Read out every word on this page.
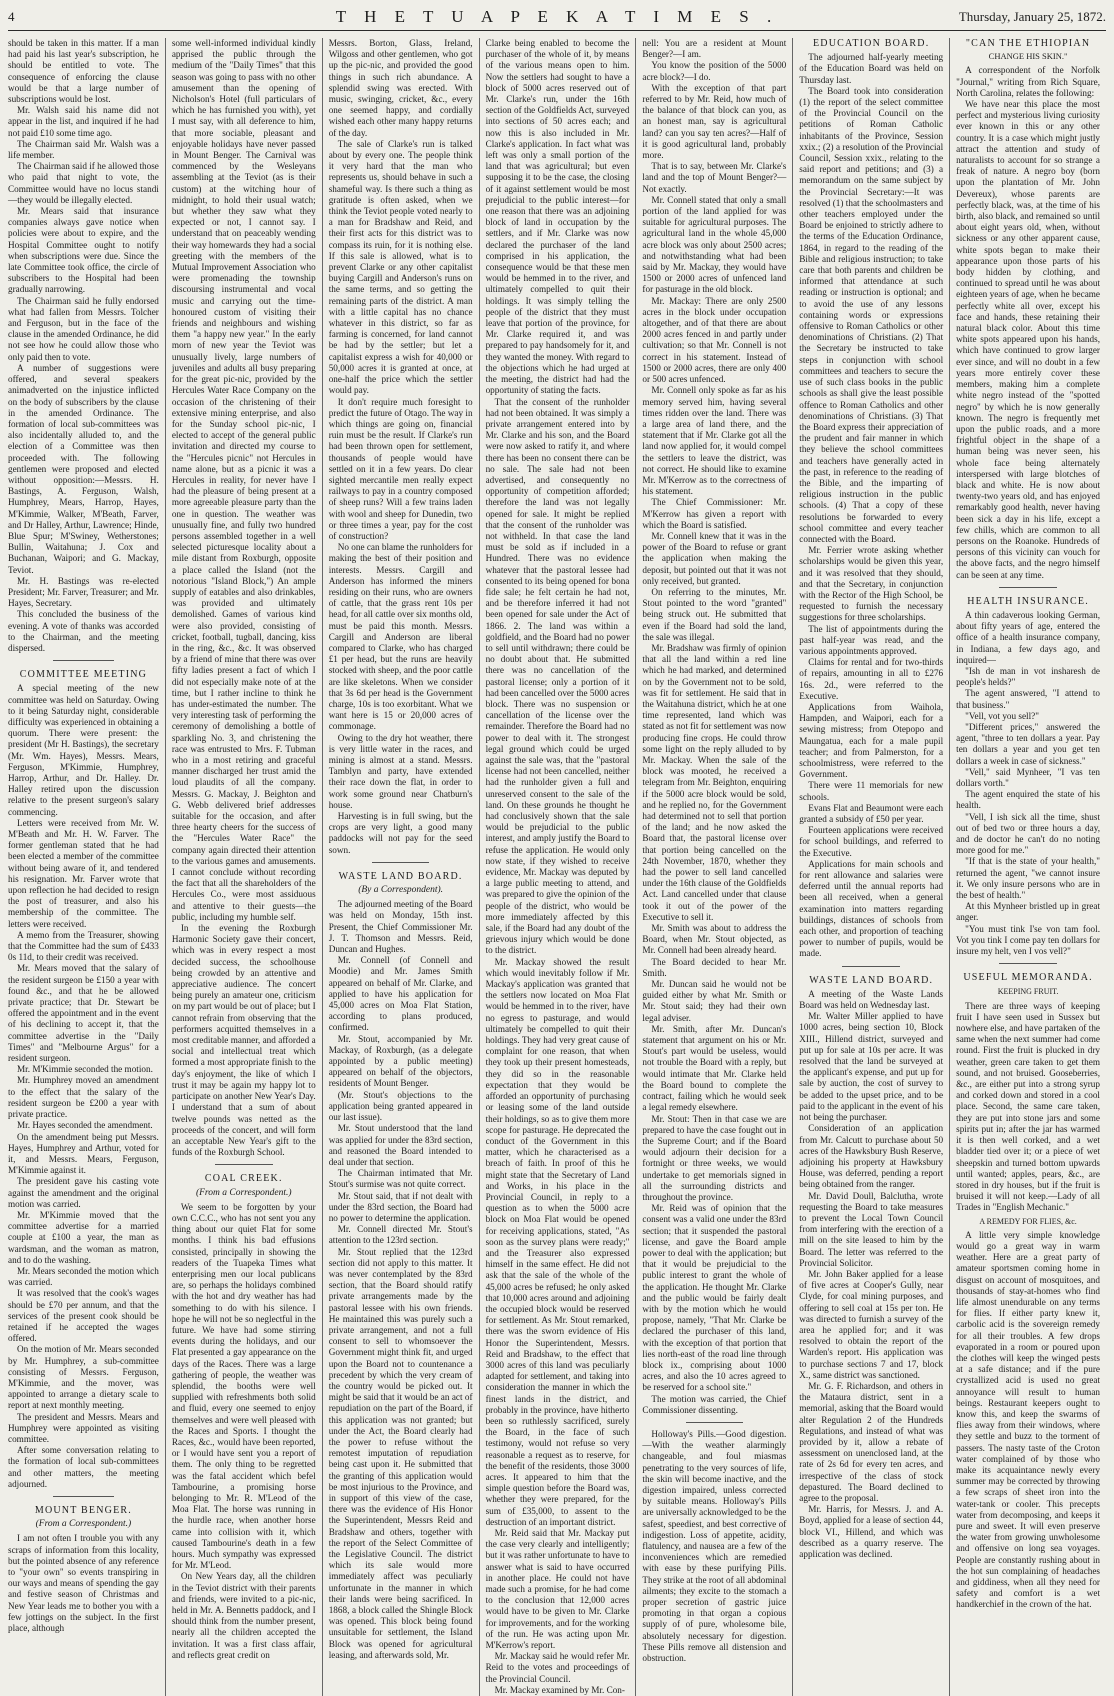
4	T H E T U A P E K A T I M E S .	Thursday, January 25, 1872.

should be taken in this matter. If a man had paid his last year's subscription, he should be entitled to vote. The consequence of enforcing the clause would be that a large number of subscriptions would be lost.

Mr. Walsh said his name did not appear in the list, and inquired if he had not paid £10 some time ago.

The Chairman said Mr. Walsh was a life member.

The Chairman said if he allowed those who paid that night to vote, the Committee would have no locus standi —they would be illegally elected.

Mr. Mears said that insurance companies always gave notice when policies were about to expire, and the Hospital Committee ought to notify when subscriptions were due. Since the late Committee took office, the circle of subscribers to the Hospital had been gradually narrowing.

The Chairman said he fully endorsed what had fallen from Messrs. Tolcher and Ferguson, but in the face of the clause in the amended Ordinance, he did not see how he could allow those who only paid then to vote.

A number of suggestions were offered, and several speakers animadverted on the injustice inflicted on the body of subscribers by the clause in the amended Ordinance. The formation of local sub-committees was also incidentally alluded to, and the election of a Committee was then proceeded with. The following gentlemen were proposed and elected without opposition:—Messrs. H. Bastings, A. Ferguson, Walsh, Humphrey, Mears, Harrop, Hayes, M'Kimmie, Walker, M'Beath, Farver, and Dr Halley, Arthur, Lawrence; Hinde, Blue Spur; M'Swiney, Wetherstones; Bullin, Waitahuna; J. Cox and Buchanan, Waipori; and G. Mackay, Teviot.

Mr. H. Bastings was re-elected President; Mr. Farver, Treasurer; and Mr. Hayes, Secretary.

This concluded the business of the evening. A vote of thanks was accorded to the Chairman, and the meeting dispersed.

COMMITTEE MEETING

A special meeting of the new committee was held on Saturday. Owing to it being Saturday night, considerable difficulty was experienced in obtaining a quorum. There were present: the president (Mr H. Bastings), the secretary (Mr. Wm. Hayes), Messrs. Mears, Ferguson, M'Kimmie, Humphrey, Harrop, Arthur, and Dr. Halley. Dr. Halley retired upon the discussion relative to the present surgeon's salary commencing.

Letters were received from Mr. W. M'Beath and Mr. H. W. Farver. The former gentleman stated that he had been elected a member of the committee without being aware of it, and tendered his resignation. Mr. Farver wrote that upon reflection he had decided to resign the post of treasurer, and also his membership of the committee. The letters were received.

A memo from the Treasurer, showing that the Committee had the sum of £433 0s 11d, to their credit was received.

Mr. Mears moved that the salary of the resident surgeon be £150 a year with found &c., and that he be allowed private practice; that Dr. Stewart be offered the appointment and in the event of his declining to accept it, that the committee advertise in the "Daily Times" and "Melbourne Argus" for a resident surgeon.

Mr. M'Kimmie seconded the motion.

Mr. Humphrey moved an amendment to the effect that the salary of the resident surgeon be £200 a year with private practice.

Mr. Hayes seconded the amendment.

On the amendment being put Messrs. Hayes, Humphrey and Arthur, voted for it, and Messrs. Mears, Ferguson, M'Kimmie against it.

The president gave his casting vote against the amendment and the original motion was carried.

Mr. M'Kimmie moved that the committee advertise for a married couple at £100 a year, the man as wardsman, and the woman as matron, and to do the washing.

Mr. Mears seconded the motion which was carried.

It was resolved that the cook's wages should be £70 per annum, and that the services of the present cook should be retained if he accepted the wages offered.

On the motion of Mr. Mears seconded by Mr. Humphrey, a sub-committee consisting of Messrs. Ferguson, M'Kimmie, and the mover, was appointed to arrange a dietary scale to report at next monthly meeting.

The president and Messrs. Mears and Humphrey were appointed as visiting committee.

After some conversation relating to the formation of local sub-committees and other matters, the meeting adjourned.

MOUNT BENGER.
(From a Correspondent.)

I am not often I trouble you with any scraps of information from this locality, but the pointed absence of any reference to "your own" so events transpiring in our ways and means of spending the gay and festive season of Christmas and New Year leads me to bother you with a few jottings on the subject. In the first place, although

some well-informed individual kindly apprised the public through the medium of the "Daily Times" that this season was going to pass with no other amusement than the opening of Nicholson's Hotel (full particulars of which he has furnished you with), yet I must say, with all deference to him, that more sociable, pleasant and enjoyable holidays have never passed in Mount Benger. The Carnival was commenced by the Wesleyans assembling at the Teviot (as is their custom) at the witching hour of midnight, to hold their usual watch; but whether they saw what they expected or not, I cannot say. I understand that on peaceably wending their way homewards they had a social greeting with the members of the Mutual Improvement Association who were promenading the township discoursing instrumental and vocal music and carrying out the time-honoured custom of visiting their friends and neighbours and wishing them "a happy new year." In the early morn of new year the Teviot was unusually lively, large numbers of juveniles and adults all busy preparing for the great pic-nic, provided by the Hercules Water Race Company on the occasion of the christening of their extensive mining enterprise, and also for the Sunday school pic-nic, I elected to accept of the general public invitation and directed my course to the "Hercules picnic" not Hercules in name alone, but as a picnic it was a Hercules in reality, for never have I had the pleasure of being present at a more agreeable pleasure party than the one in question. The weather was unusually fine, and fully two hundred persons assembled together in a well selected picturesque locality about a mile distant from Roxburgh, opposite a place called the Island (not the notorious "Island Block,") An ample supply of eatables and also drinkables, was provided and ultimately demolished. Games of various kind were also provided, consisting of cricket, football, tugball, dancing, kiss in the ring, &c., &c. It was observed by a friend of mine that there was over fifty ladies present a fact of which I did not especially make note of at the time, but I rather incline to think he has under-estimated the number. The very interesting task of performing the ceremony of demolishing a bottle of sparkling No. 3, and christening the race was entrusted to Mrs. F. Tubman who in a most retiring and graceful manner discharged her trust amid the loud plaudits of all the company. Messrs. G. Mackay, J. Beighton and G. Webb delivered brief addresses suitable for the occasion, and after three hearty cheers for the success of the "Hercules Water Race" the company again directed their attention to the various games and amusements. I cannot conclude without recording the fact that all the shareholders of the Hercules Co., were most assiduous and attentive to their guests—the public, including my humble self.

In the evening the Roxburgh Harmonic Society gave their concert, which was in every respect a most decided success, the schoolhouse being crowded by an attentive and appreciative audience. The concert being purely an amateur one, criticism on my part would be out of place; but I cannot refrain from observing that the performers acquitted themselves in a most creditable manner, and afforded a social and intellectual treat which formed a most appropriate finish to the day's enjoyment, the like of which I trust it may be again my happy lot to participate on another New Year's Day. I understand that a sum of about twelve pounds was netted as the proceeds of the concert, and will form an acceptable New Year's gift to the funds of the Roxburgh School.

COAL CREEK.
(From a Correspondent.)

We seem to be forgotten by your own C.C.C., who has not sent you any thing about our quiet Flat for some months. I think his bad effusions consisted, principally in showing the readers of the Tuapeka Times what enterprising men our local publicans are, so perhaps the holidays combined with the hot and dry weather has had something to do with his silence. I hope he will not be so neglectful in the future. We have had some stirring events during the holidays, and our Flat presented a gay appearance on the days of the Races. There was a large gathering of people, the weather was splendid, the booths were well supplied with refreshments both solid and fluid, every one seemed to enjoy themselves and were well pleased with the Races and Sports. I thought the Races, &c., would have been reported, or I would have sent you a report of them. The only thing to be regretted was the fatal accident which befel Tambourine, a promising horse belonging to Mr. R. M'Leod of the Moa Flat. The horse was running in the hurdle race, when another horse came into collision with it, which caused Tambourine's death in a few hours. Much sympathy was expressed for Mr. M'Leod.

On New Years day, all the children in the Teviot district with their parents and friends, were invited to a pic-nic, held in Mr. A. Bennetts paddock, and I should think from the number present, nearly all the children accepted the invitation. It was a first class affair, and reflects great credit on

Messrs. Borton, Glass, Ireland, Wilgoss and other gentlemen, who got up the pic-nic, and provided the good things in such rich abundance. A splendid swing was erected. With music, swinging, cricket, &c., every one seemed happy, and cordially wished each other many happy returns of the day.

The sale of Clarke's run is talked about by every one. The people think it very hard that the man who represents us, should behave in such a shameful way. Is there such a thing as gratitude is often asked, when we think the Teviot people voted nearly to a man for Bradshaw and Reid, and their first acts for this district was to compass its ruin, for it is nothing else. If this sale is allowed, what is to prevent Clarke or any other capitalist buying Cargill and Anderson's runs on the same terms, and so getting the remaining parts of the district. A man with a little capital has no chance whatever in this district, so far as farming is concerned, for land cannot be had by the settler; but let a capitalist express a wish for 40,000 or 50,000 acres it is granted at once, at one-half the price which the settler would pay.

It don't require much foresight to predict the future of Otago. The way in which things are going on, financial ruin must be the result. If Clarke's run had been thrown open for settlement, thousands of people would have settled on it in a few years. Do clear sighted mercantile men really expect railways to pay in a country composed of sheep runs? Will a few trains laden with wool and sheep for Dunedin, two or three times a year, pay for the cost of construction?

No one can blame the runholders for making the best of their position and interests. Messrs. Cargill and Anderson has informed the miners residing on their runs, who are owners of cattle, that the grass rent 10s per head, for all cattle over six months old, must be paid this month. Messrs. Cargill and Anderson are liberal compared to Clarke, who has charged £1 per head, but the runs are heavily stocked with sheep, and the poor cattle are like skeletons. When we consider that 3s 6d per head is the Government charge, 10s is too exorbitant. What we want here is 15 or 20,000 acres of commonage.

Owing to the dry hot weather, there is very little water in the races, and mining is almost at a stand. Messrs. Tamblyn and party, have extended their race down the flat, in order to work some ground near Chatburn's house.

Harvesting is in full swing, but the crops are very light, a good many paddocks will not pay for the seed sown.

WASTE LAND BOARD.
(By a Correspondent).

The adjourned meeting of the Board was held on Monday, 15th inst. Present, the Chief Commissioner Mr. J. T. Thomson and Messrs. Reid, Duncan and Hughes.

Mr. Connell (of Connell and Moodie) and Mr. James Smith appeared on behalf of Mr. Clarke, and applied to have his application for 45,000 acres on Moa Flat Station, according to plans produced, confirmed.

Mr. Stout, accompanied by Mr. Mackay, of Roxburgh, (as a delegate appointed by a public meeting) appeared on behalf of the objectors, residents of Mount Benger.

(Mr. Stout's objections to the application being granted appeared in our last issue).

Mr. Stout understood that the land was applied for under the 83rd section, and reasoned the Board intended to deal under that section.

The Chairman intimated that Mr. Stout's surmise was not quite correct.

Mr. Stout said, that if not dealt with under the 83rd section, the Board had no power to determine the application.

Mr. Connell directed Mr. Stout's attention to the 123rd section.

Mr. Stout replied that the 123rd section did not apply to this matter. It was never contemplated by the 83rd section, that the Board should ratify private arrangements made by the pastoral lessee with his own friends. He maintained this was purely such a private arrangement, and not a full consent to sell to whomsoever the Government might think fit, and urged upon the Board not to countenance a precedent by which the very cream of the country would be picked out. It might be said that it would be an act of repudiation on the part of the Board, if this application was not granted; but under the Act, the Board clearly had the power to refuse without the remotest imputation of repudiation being cast upon it. He submitted that the granting of this application would be most injurious to the Province, and in support of this view of the case, there was the evidence of His Honor the Superintendent, Messrs Reid and Bradshaw and others, together with the report of the Select Committee of the Legislative Council. The district which its sale would more immediately affect was peculiarly unfortunate in the manner in which their lands were being sacrificed. In 1868, a block called the Shingle Block was opened. This block being found unsuitable for settlement, the Island Block was opened for agricultural leasing, and afterwards sold, Mr.

Clarke being enabled to become the purchaser of the whole of it, by means of the various means open to him. Now the settlers had sought to have a block of 5000 acres reserved out of Mr. Clarke's run, under the 16th section of the Goldfields Act, surveyed into sections of 50 acres each; and now this is also included in Mr. Clarke's application. In fact what was left was only a small portion of the land that was agricultural; but even supposing it to be the case, the closing of it against settlement would be most prejudicial to the public interest—for one reason that there was an adjoining block of land in occupation by the settlers, and if Mr. Clarke was now declared the purchaser of the land comprised in his application, the consequence would be that these men would be hemmed in to the river, and ultimately compelled to quit their holdings. It was simply telling the people of the district that they must leave that portion of the province, for Mr. Clarke required it, and was prepared to pay handsomely for it, and they wanted the money. With regard to the objections which he had urged at the meeting, the district had had the opportunity of stating the facts.

That the consent of the runholder had not been obtained. It was simply a private arrangement entered into by Mr. Clarke and his son, and the Board were now asked to ratify it, and where there has been no consent there can be no sale. The sale had not been advertised, and consequently no opportunity of competition afforded; therefore the land was not legally opened for sale. It might be replied that the consent of the runholder was not withheld. In that case the land must be sold as if included in a Hundred. There was no evidence whatever that the pastoral lessee had consented to its being opened for bona fide sale; he felt certain he had not, and be therefore inferred it had not been opened for sale under the Act of 1866. 2. The land was within a goldfield, and the Board had no power to sell until withdrawn; there could be no doubt about that. He submitted there was no cancellation of the pastoral license; only a portion of it had been cancelled over the 5000 acres block. There was no suspension or cancellation of the license over the remainder. Therefore the Board had no power to deal with it. The strongest legal ground which could be urged against the sale was, that the "pastoral license had not been cancelled, neither had the runholder given a full and unreserved consent to the sale of the land. On these grounds he thought he had conclusively shown that the sale would be prejudicial to the public interest, and amply justify the Board to refuse the application. He would only now state, if they wished to receive evidence, Mr. Mackay was deputed by a large public meeting to attend, and was prepared to give the opinion of the people of the district, who would be more immediately affected by this sale, if the Board had any doubt of the grievous injury which would be done to the district.

Mr. Mackay showed the result which would inevitably follow if Mr. Mackay's application was granted that the settlers now located on Moa Flat would be hemmed in to the river, have no egress to pasturage, and would ultimately be compelled to quit their holdings. They had very great cause of complaint for one reason, that when they took up their present homesteads, they did so in the reasonable expectation that they would be afforded an opportunity of purchasing or leasing some of the land outside their holdings, so as to give them more scope for pasturage. He deprecated the conduct of the Government in this matter, which he characterised as a breach of faith. In proof of this he might state that the Secretary of Land and Works, in his place in the Provincial Council, in reply to a question as to when the 5000 acre block on Moa Flat would be opened for receiving applications, stated, "As soon as the survey plans were ready;" and the Treasurer also expressed himself in the same effect. He did not ask that the sale of the whole of the 45,000 acres be refused; he only asked that 10,000 acres around and adjoining the occupied block would be reserved for settlement. As Mr. Stout remarked, there was the sworn evidence of His Honor the Superintendent, Messrs. Reid and Bradshaw, to the effect that 3000 acres of this land was peculiarly adapted for settlement, and taking into consideration the manner in which the finest lands in the district, and probably in the province, have hitherto been so ruthlessly sacrificed, surely the Board, in the face of such testimony, would not refuse so very reasonable a request as to reserve, for the benefit of the residents, those 3000 acres. It appeared to him that the simple question before the Board was, whether they were prepared, for the sum of £35,000, to assent to the destruction of an important district.

Mr. Reid said that Mr. Mackay put the case very clearly and intelligently; but it was rather unfortunate to have to answer what is said to have occurred in another place. He could not have made such a promise, for he had come to the conclusion that 12,000 acres would have to be given to Mr. Clarke for improvements, and for the working of the run. He was acting upon Mr. M'Kerrow's report.

Mr. Mackay said he would refer Mr. Reid to the votes and proceedings of the Provincial Council.

Mr. Mackay examined by Mr. Con-

nell: You are a resident at Mount Benger?—I am.

You know the position of the 5000 acre block?—I do.

With the exception of that part referred to by Mr. Reid, how much of the balance of that block can you, as an honest man, say is agricultural land? can you say ten acres?—Half of it is good agricultural land, probably more.

That is to say, between Mr. Clarke's land and the top of Mount Benger?—Not exactly.

Mr. Connell stated that only a small portion of the land applied for was suitable for agricultural purposes. The agricultural land in the whole 45,000 acre block was only about 2500 acres; and notwithstanding what had been said by Mr. Mackay, they would have 1500 or 2000 acres of unfenced land for pasturage in the old block.

Mr. Mackay: There are only 2500 acres in the block under occupation altogether, and of that there are about 2000 acres fenced in and partly under cultivation; so that Mr. Connell is not correct in his statement. Instead of 1500 or 2000 acres, there are only 400 or 500 acres unfenced.

Mr. Connell only spoke as far as his memory served him, having several times ridden over the land. There was a large area of land there, and the statement that if Mr. Clarke got all the land now applied for, it would compel the settlers to leave the district, was not correct. He should like to examine Mr. M'Kerrow as to the correctness of his statement.

The Chief Commissioner: Mr. M'Kerrow has given a report with which the Board is satisfied.

Mr. Connell knew that it was in the power of the Board to refuse or grant the application when making the deposit, but pointed out that it was not only received, but granted.

On referring to the minutes, Mr. Stout pointed to the word "granted" being struck out. He submitted that even if the Board had sold the land, the sale was illegal.

Mr. Bradshaw was firmly of opinion that all the land within a red line which he had marked, and determined on by the Government not to be sold, was fit for settlement. He said that in the Waitahuna district, which he at one time represented, land which was stated as not fit for settlement was now producing fine crops. He could throw some light on the reply alluded to by Mr. Mackay. When the sale of the block was mooted, he received a telegram from Mr. Beighton, enquiring if the 5000 acre block would be sold, and he replied no, for the Government had determined not to sell that portion of the land; and he now asked the Board that, the pastoral license over that portion being cancelled on the 24th November, 1870, whether they had the power to sell land cancelled under the 16th clause of the Goldfields Act. Land cancelled under that clause took it out of the power of the Executive to sell it.

Mr. Smith was about to address the Board, when Mr. Stout objected, as Mr. Connell had been already heard.

The Board decided to hear Mr. Smith.

Mr. Duncan said he would not be guided either by what Mr. Smith or Mr. Stout said; they had their own legal adviser.

Mr. Smith, after Mr. Duncan's statement that argument on his or Mr. Stout's part would be useless, would not trouble the Board with a reply, but would intimate that Mr. Clarke held the Board bound to complete the contract, failing which he would seek a legal remedy elsewhere.

Mr. Stout: Then in that case we are prepared to have the case fought out in the Supreme Court; and if the Board would adjourn their decision for a fortnight or three weeks, we would undertake to get memorials signed in all the surrounding districts and throughout the province.

Mr. Reid was of opinion that the consent was a valid one under the 83rd section; that it suspended the pastoral license, and gave the Board ample power to deal with the application; but that it would be prejudicial to the public interest to grant the whole of the application. He thought Mr. Clarke and the public would be fairly dealt with by the motion which he would propose, namely, "That Mr. Clarke be declared the purchaser of this land, with the exception of that portion that lies north-east of the road line through block ix., comprising about 1000 acres, and also the 10 acres agreed to be reserved for a school site."

The motion was carried, the Chief Commissioner dissenting.

Holloway's Pills.—Good digestion.—With the weather alarmingly changeable, and foul miasmas penetrating to the very sources of life, the skin will become inactive, and the digestion impaired, unless corrected by suitable means. Holloway's Pills are universally acknowledged to be the safest, speediest, and best corrective of indigestion. Loss of appetite, acidity, flatulency, and nausea are a few of the inconveniences which are remedied with ease by these purifying Pills. They strike at the root of all abdominal ailments; they excite to the stomach a proper secretion of gastric juice promoting in that organ a copious supply of of pure, wholesome bile, absolutely necessary for digestion. These Pills remove all distension and obstruction.

EDUCATION BOARD.

The adjourned half-yearly meeting of the Education Board was held on Thursday last.

The Board took into consideration (1) the report of the select committee of the Provincial Council on the petitions of Roman Catholic inhabitants of the Province, Session xxix.; (2) a resolution of the Provincial Council, Session xxix., relating to the said report and petitions; and (3) a memorandum on the same subject by the Provincial Secretary:—It was resolved (1) that the schoolmasters and other teachers employed under the Board be enjoined to strictly adhere to the terms of the Education Ordinance, 1864, in regard to the reading of the Bible and religious instruction; to take care that both parents and children be informed that attendance at such reading or instruction is optional; and to avoid the use of any lessons containing words or expressions offensive to Roman Catholics or other denominations of Christians. (2) That the Secretary be instructed to take steps in conjunction with school committees and teachers to secure the use of such class books in the public schools as shall give the least possible offence to Roman Catholics and other denominations of Christians. (3) That the Board express their appreciation of the prudent and fair manner in which they believe the school committees and teachers have generally acted in the past, in reference to the reading of the Bible, and the imparting of religious instruction in the public schools. (4) That a copy of these resolutions be forwarded to every school committee and every teacher connected with the Board.

Mr. Ferrier wrote asking whether scholarships would be given this year, and it was resolved that they should, and that the Secretary, in conjunction with the Rector of the High School, be requested to furnish the necessary suggestions for three scholarships.

The list of appointments during the past half-year was read, and the various appointments approved.

Claims for rental and for two-thirds of repairs, amounting in all to £276 16s. 2d., were referred to the Executive.

Applications from Waihola, Hampden, and Waipori, each for a sewing mistress; from Otepopo and Maungatua, each for a male pupil teacher; and from Palmerston, for a schoolmistress, were referred to the Government.

There were 11 memorials for new schools.

Evans Flat and Beaumont were each granted a subsidy of £50 per year.

Fourteen applications were received for school buildings, and referred to the Executive.

Applications for main schools and for rent allowance and salaries were deferred until the annual reports had been all received, when a general examination into matters regarding buildings, distances of schools from each other, and proportion of teaching power to number of pupils, would be made.

WASTE LAND BOARD.

A meeting of the Waste Lands Board was held on Wednesday last.

Mr. Walter Miller applied to have 1000 acres, being section 10, Block XIII., Hillend district, surveyed and put up for sale at 10s per acre. It was resolved that the land be surveyed at the applicant's expense, and put up for sale by auction, the cost of survey to be added to the upset price, and to be paid to the applicant in the event of his not being the purchaser.

Consideration of an application from Mr. Calcutt to purchase about 50 acres of the Hawksbury Bush Reserve, adjoining his property at Hawksbury House, was deferred, pending a report being obtained from the ranger.

Mr. David Doull, Balclutha, wrote requesting the Board to take measures to prevent the Local Town Council from interfering with the erection of a mill on the site leased to him by the Board. The letter was referred to the Provincial Solicitor.

Mr. John Baker applied for a lease of five acres at Cooper's Gully, near Clyde, for coal mining purposes, and offering to sell coal at 15s per ton. He was directed to furnish a survey of the area he applied for; and it was resolved to obtain the report of the Warden's report. His application was to purchase sections 7 and 17, block X., same district was sanctioned.

Mr. G. F. Richardson, and others in the Mataura district, sent in a memorial, asking that the Board would alter Regulation 2 of the Hundreds Regulations, and instead of what was provided by it, allow a rebate of assessment on unenclosed land, at the rate of 2s 6d for every ten acres, and irrespective of the class of stock depastured. The Board declined to agree to the proposal.

Mr. Harris, for Messrs. J. and A. Boyd, applied for a lease of section 44, block VI., Hillend, and which was described as a quarry reserve. The application was declined.

"CAN THE ETHIOPIAN
CHANGE HIS SKIN."

A correspondent of the Norfolk "Journal," writing from Rich Square, North Carolina, relates the following:

We have near this place the most perfect and mysterious living curiosity ever known in this or any other country. It is a case which might justly attract the attention and study of naturalists to account for so strange a freak of nature. A negro boy (born upon the plantation of Mr. John Devereux), whose parents are perfectly black, was, at the time of his birth, also black, and remained so until about eight years old, when, without sickness or any other apparent cause, white spots began to make their appearance upon those parts of his body hidden by clothing, and continued to spread until he was about eighteen years of age, when he became perfectly white all over, except his face and hands, these retaining their natural black color. About this time white spots appeared upon his hands, which have continued to grow larger ever since, and will no doubt in a few years more entirely cover these members, making him a complete white negro instead of the "spotted negro" by which he is now generally known. The negro is frequently met upon the public roads, and a more frightful object in the shape of a human being was never seen, his whole face being alternately interspersed with large blotches of black and white. He is now about twenty-two years old, and has enjoyed remarkably good health, never having been sick a day in his life, except a few chills, which are common to all persons on the Roanoke. Hundreds of persons of this vicinity can vouch for the above facts, and the negro himself can be seen at any time.

HEALTH INSURANCE.

A thin cadaverous looking German, about fifty years of age, entered the office of a health insurance company, in Indiana, a few days ago, and inquired—

"Ish de man in vot insharesh de people's helds?"

The agent answered, "I attend to that business."

"Vell, vot you sell?"

"Different prices," answered the agent, "three to ten dollars a year. Pay ten dollars a year and you get ten dollars a week in case of sickness."

"Vell," said Mynheer, "I vas ten dollars vorth."

The agent enquired the state of his health.

"Vell, I ish sick all the time, shust out of bed two or three hours a day, and de doctor he can't do no noting more good for me."

"If that is the state of your health," returned the agent, "we cannot insure it. We only insure persons who are in the best of health."

At this Mynheer bristled up in great anger.

"You must tink I'se von tam fool. Vot you tink I come pay ten dollars for insure my helt, ven I vos vell?"

USEFUL MEMORANDA.
KEEPING FRUIT.

There are three ways of keeping fruit I have seen used in Sussex but nowhere else, and have partaken of the same when the next summer had come round. First the fruit is plucked in dry weather, green care taken to get them sound, and not bruised. Gooseberries, &c., are either put into a strong syrup and corked down and stored in a cool place. Second, the same care taken, they are put into stone jars and some spirits put in; after the jar has warmed it is then well corked, and a wet bladder tied over it; or a piece of wet sheepskin and turned bottom upwards until wanted; apples, pears, &c., are stored in dry houses, but if the fruit is bruised it will not keep.—Lady of all Trades in "English Mechanic."

A REMEDY FOR FLIES, &c.

A little very simple knowledge would go a great way in warm weather. Here are a great party of amateur sportsmen coming home in disgust on account of mosquitoes, and thousands of stay-at-homes who find life almost unendurable on any terms for flies. If either party knew it, carbolic acid is the sovereign remedy for all their troubles. A few drops evaporated in a room or poured upon the clothes will keep the winged pests at a safe distance; and if the pure crystallized acid is used no great annoyance will result to human beings. Restaurant keepers ought to know this, and keep the swarms of flies away from their windows, where they settle and buzz to the torment of passers. The nasty taste of the Croton water complained of by those who make its acquaintance newly every summer may be corrected by throwing a few scraps of sheet iron into the water-tank or cooler. This precepts water from decomposing, and keeps it pure and sweet. It will even preserve the water from growing unwholesome and offensive on long sea voyages. People are constantly rushing about in the hot sun complaining of headaches and giddiness, when all they need for safety and comfort is a wet handkerchief in the crown of the hat.
